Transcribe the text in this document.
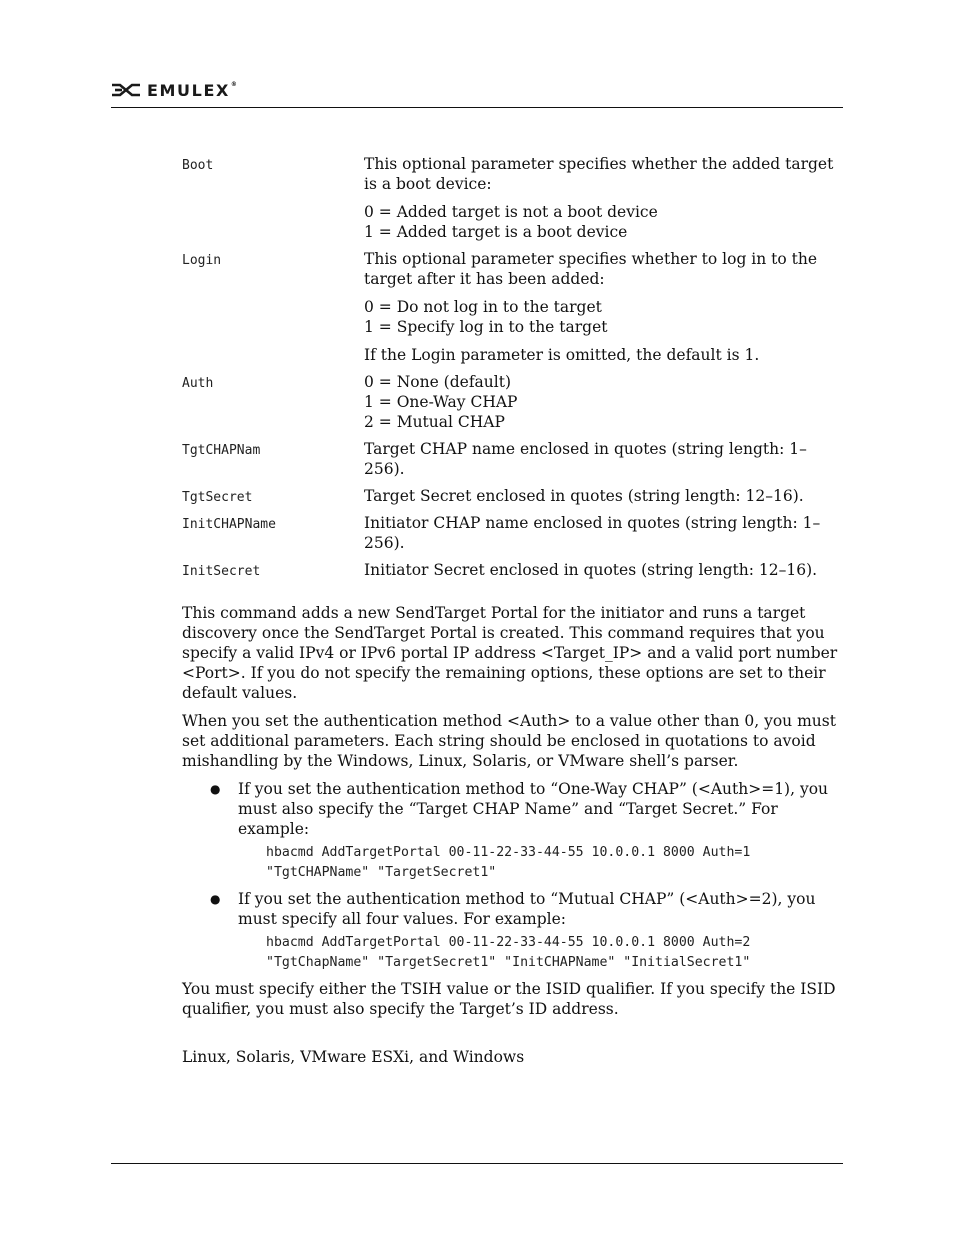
EMULEX®
Boot	This optional parameter specifies whether the added target is a boot device:

0 = Added target is not a boot device
1 = Added target is a boot device

Login	This optional parameter specifies whether to log in to the target after it has been added:

0 = Do not log in to the target
1 = Specify log in to the target

If the Login parameter is omitted, the default is 1.

Auth	0 = None (default)
1 = One-Way CHAP
2 = Mutual CHAP

TgtCHAPNam	Target CHAP name enclosed in quotes (string length: 1–256).

TgtSecret	Target Secret enclosed in quotes (string length: 12–16).

InitCHAPName	Initiator CHAP name enclosed in quotes (string length: 1–256).

InitSecret	Initiator Secret enclosed in quotes (string length: 12–16).

This command adds a new SendTarget Portal for the initiator and runs a target discovery once the SendTarget Portal is created. This command requires that you specify a valid IPv4 or IPv6 portal IP address <Target_IP> and a valid port number <Port>. If you do not specify the remaining options, these options are set to their default values.

When you set the authentication method <Auth> to a value other than 0, you must set additional parameters. Each string should be enclosed in quotations to avoid mishandling by the Windows, Linux, Solaris, or VMware shell’s parser.

● If you set the authentication method to “One-Way CHAP” (<Auth>=1), you must also specify the “Target CHAP Name” and “Target Secret.” For example:
hbacmd AddTargetPortal 00-11-22-33-44-55 10.0.0.1 8000 Auth=1
"TgtCHAPName" "TargetSecret1"
● If you set the authentication method to “Mutual CHAP” (<Auth>=2), you must specify all four values. For example:
hbacmd AddTargetPortal 00-11-22-33-44-55 10.0.0.1 8000 Auth=2
"TgtChapName" "TargetSecret1" "InitCHAPName" "InitialSecret1"

You must specify either the TSIH value or the ISID qualifier. If you specify the ISID qualifier, you must also specify the Target’s ID address.

Linux, Solaris, VMware ESXi, and Windows
